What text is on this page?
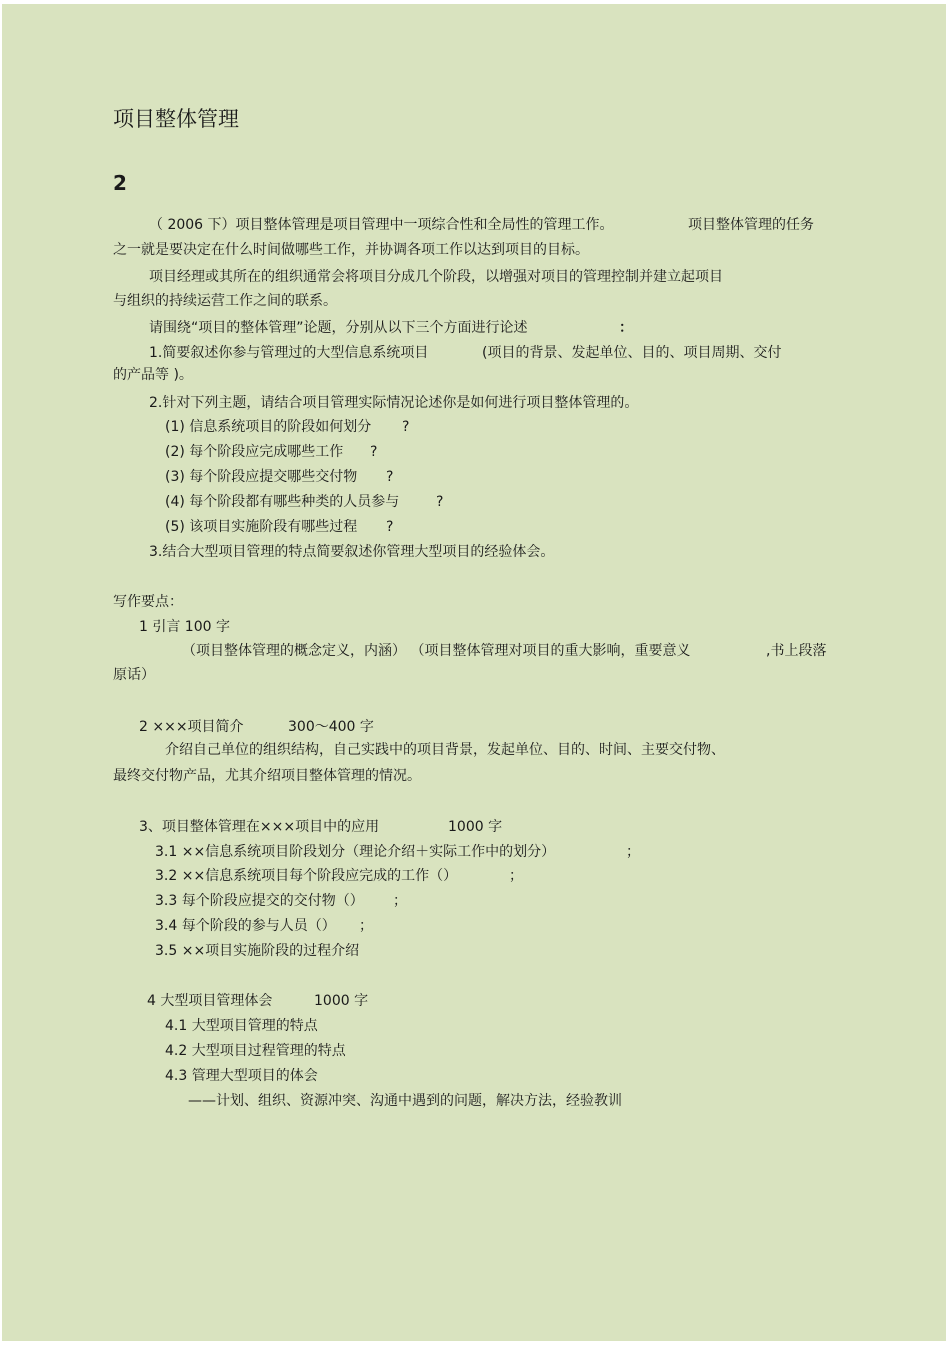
项目整体管理
2
（ 2006 下）项目整体管理是项目管理中一项综合性和全局性的管理工作。	项目整体管理的任务
之一就是要决定在什么时间做哪些工作，并协调各项工作以达到项目的目标。
项目经理或其所在的组织通常会将项目分成几个阶段，以增强对项目的管理控制并建立起项目
与组织的持续运营工作之间的联系。
请围绕“项目的整体管理”论题，分别从以下三个方面进行论述	：
1.简要叙述你参与管理过的大型信息系统项目	(项目的背景、发起单位、目的、项目周期、交付
的产品等 )。
2.针对下列主题，请结合项目管理实际情况论述你是如何进行项目整体管理的。
(1) 信息系统项目的阶段如何划分 ?
(2) 每个阶段应完成哪些工作 ?
(3) 每个阶段应提交哪些交付物 ?
(4) 每个阶段都有哪些种类的人员参与	?
(5) 该项目实施阶段有哪些过程 ?
3.结合大型项目管理的特点简要叙述你管理大型项目的经验体会。
写作要点：
1 引言 100 字
（项目整体管理的概念定义，内涵） （项目整体管理对项目的重大影响，重要意义	,书上段落
原话）
2 ×××项目简介	300～400 字
介绍自己单位的组织结构，自己实践中的项目背景，发起单位、目的、时间、主要交付物、
最终交付物产品，尤其介绍项目整体管理的情况。
3、项目整体管理在×××项目中的应用	1000 字
3.1 ××信息系统项目阶段划分（理论介绍＋实际工作中的划分）	；
3.2 ××信息系统项目每个阶段应完成的工作（）	；
3.3 每个阶段应提交的交付物（） ；
3.4 每个阶段的参与人员（） ；
3.5 ××项目实施阶段的过程介绍
4 大型项目管理体会	1000 字
4.1 大型项目管理的特点
4.2 大型项目过程管理的特点
4.3 管理大型项目的体会
——计划、组织、资源冲突、沟通中遇到的问题，解决方法，经验教训
